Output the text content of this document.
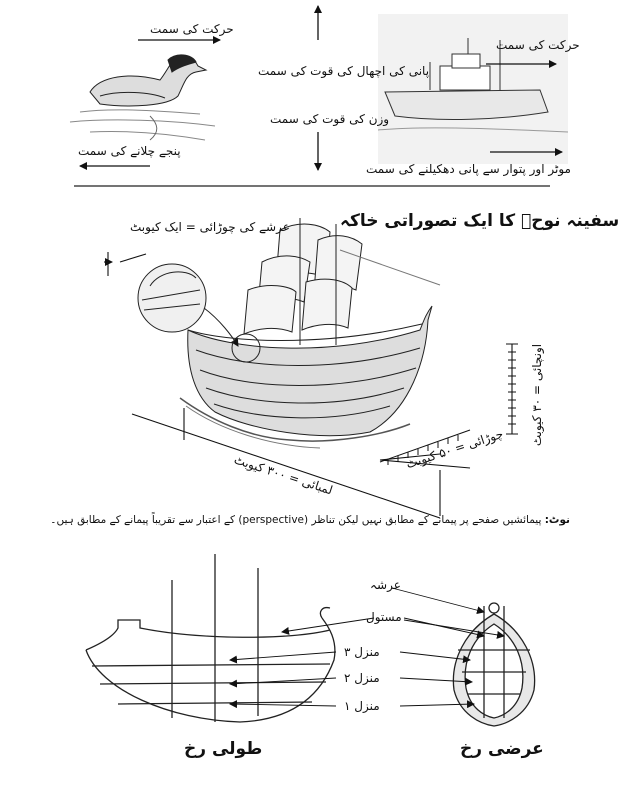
حرکت کی سمت
پنجے چلانے کی سمت
پانی کی اچھال کی قوت کی سمت
وزن کی قوت کی سمت
حرکت کی سمت
موٹر اور پتوار سے پانی دھکیلنے کی سمت
سفینہ نوحؑ کا ایک تصوراتی خاکہ
عرشے کی چوڑائی = ایک کیوبٹ
اونچائی = ۳۰ کیوبٹ
چوڑائی = ۵۰ کیوبٹ
لمبائی = ۳۰۰ کیوبٹ
نوٹ: پیمائشیں صفحے پر پیمانے کے مطابق نہیں لیکن تناظر (perspective) کے اعتبار سے تقریباً پیمانے کے مطابق ہیں۔
عرشہ
مستول
منزل ۳
منزل ۲
منزل ۱
طولی رخ	عرضی رخ
